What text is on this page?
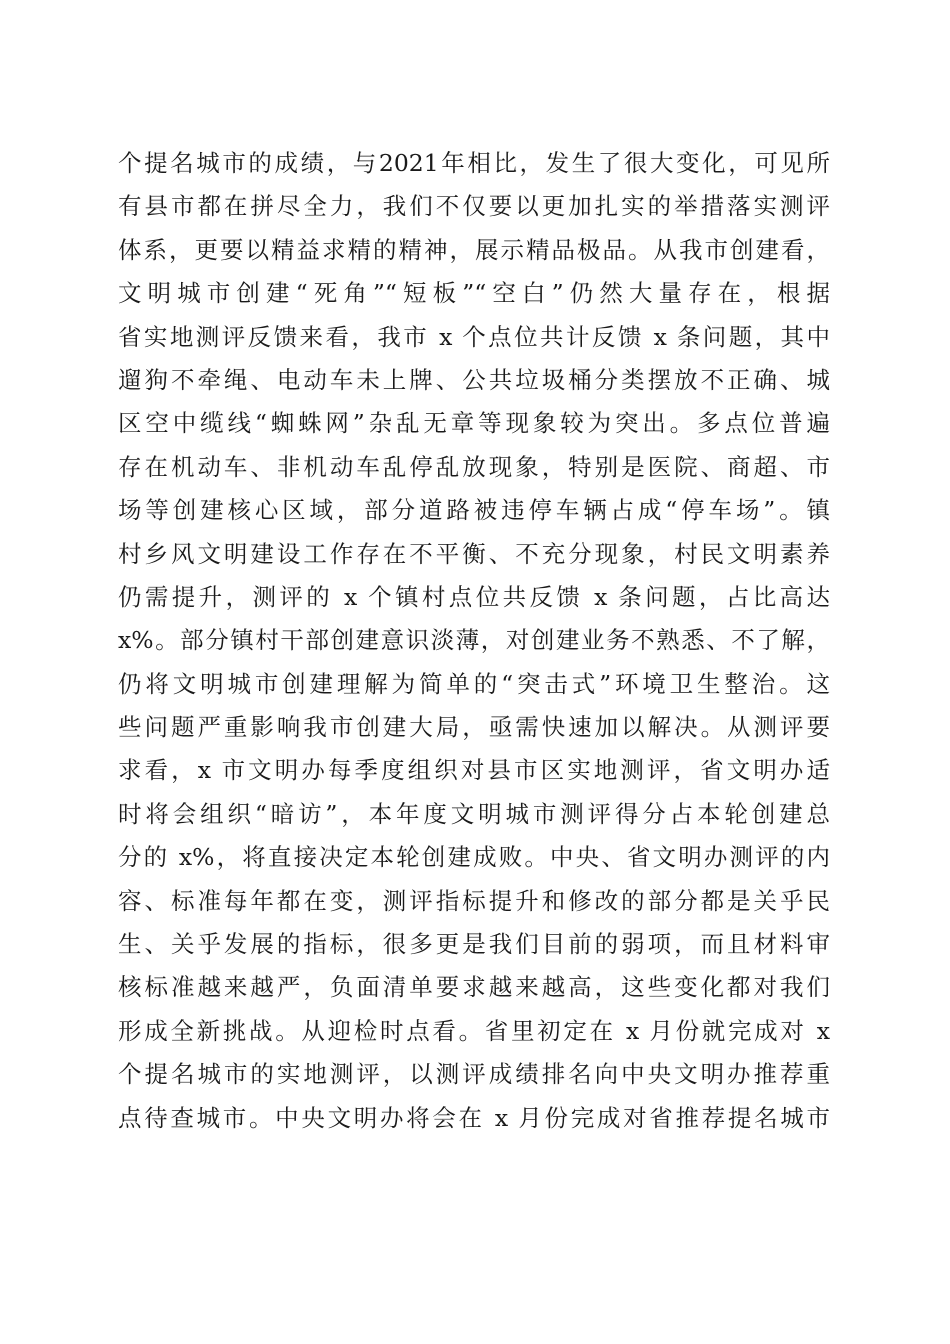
个提名城市的成绩，与2021年相比，发生了很大变化，可见所
有县市都在拼尽全力，我们不仅要以更加扎实的举措落实测评
体系，更要以精益求精的精神，展示精品极品。从我市创建看，
文明城市创建“死角”“短板”“空白”仍然大量存在，根据
省实地测评反馈来看，我市 x 个点位共计反馈 x 条问题，其中
遛狗不牵绳、电动车未上牌、公共垃圾桶分类摆放不正确、城
区空中缆线“蜘蛛网”杂乱无章等现象较为突出。多点位普遍
存在机动车、非机动车乱停乱放现象，特别是医院、商超、市
场等创建核心区域，部分道路被违停车辆占成“停车场”。镇
村乡风文明建设工作存在不平衡、不充分现象，村民文明素养
仍需提升，测评的 x 个镇村点位共反馈 x 条问题，占比高达
x%。部分镇村干部创建意识淡薄，对创建业务不熟悉、不了解，
仍将文明城市创建理解为简单的“突击式”环境卫生整治。这
些问题严重影响我市创建大局，亟需快速加以解决。从测评要
求看，x 市文明办每季度组织对县市区实地测评，省文明办适
时将会组织“暗访”，本年度文明城市测评得分占本轮创建总
分的 x%，将直接决定本轮创建成败。中央、省文明办测评的内
容、标准每年都在变，测评指标提升和修改的部分都是关乎民
生、关乎发展的指标，很多更是我们目前的弱项，而且材料审
核标准越来越严，负面清单要求越来越高，这些变化都对我们
形成全新挑战。从迎检时点看。省里初定在 x 月份就完成对 x
个提名城市的实地测评，以测评成绩排名向中央文明办推荐重
点待查城市。中央文明办将会在 x 月份完成对省推荐提名城市
